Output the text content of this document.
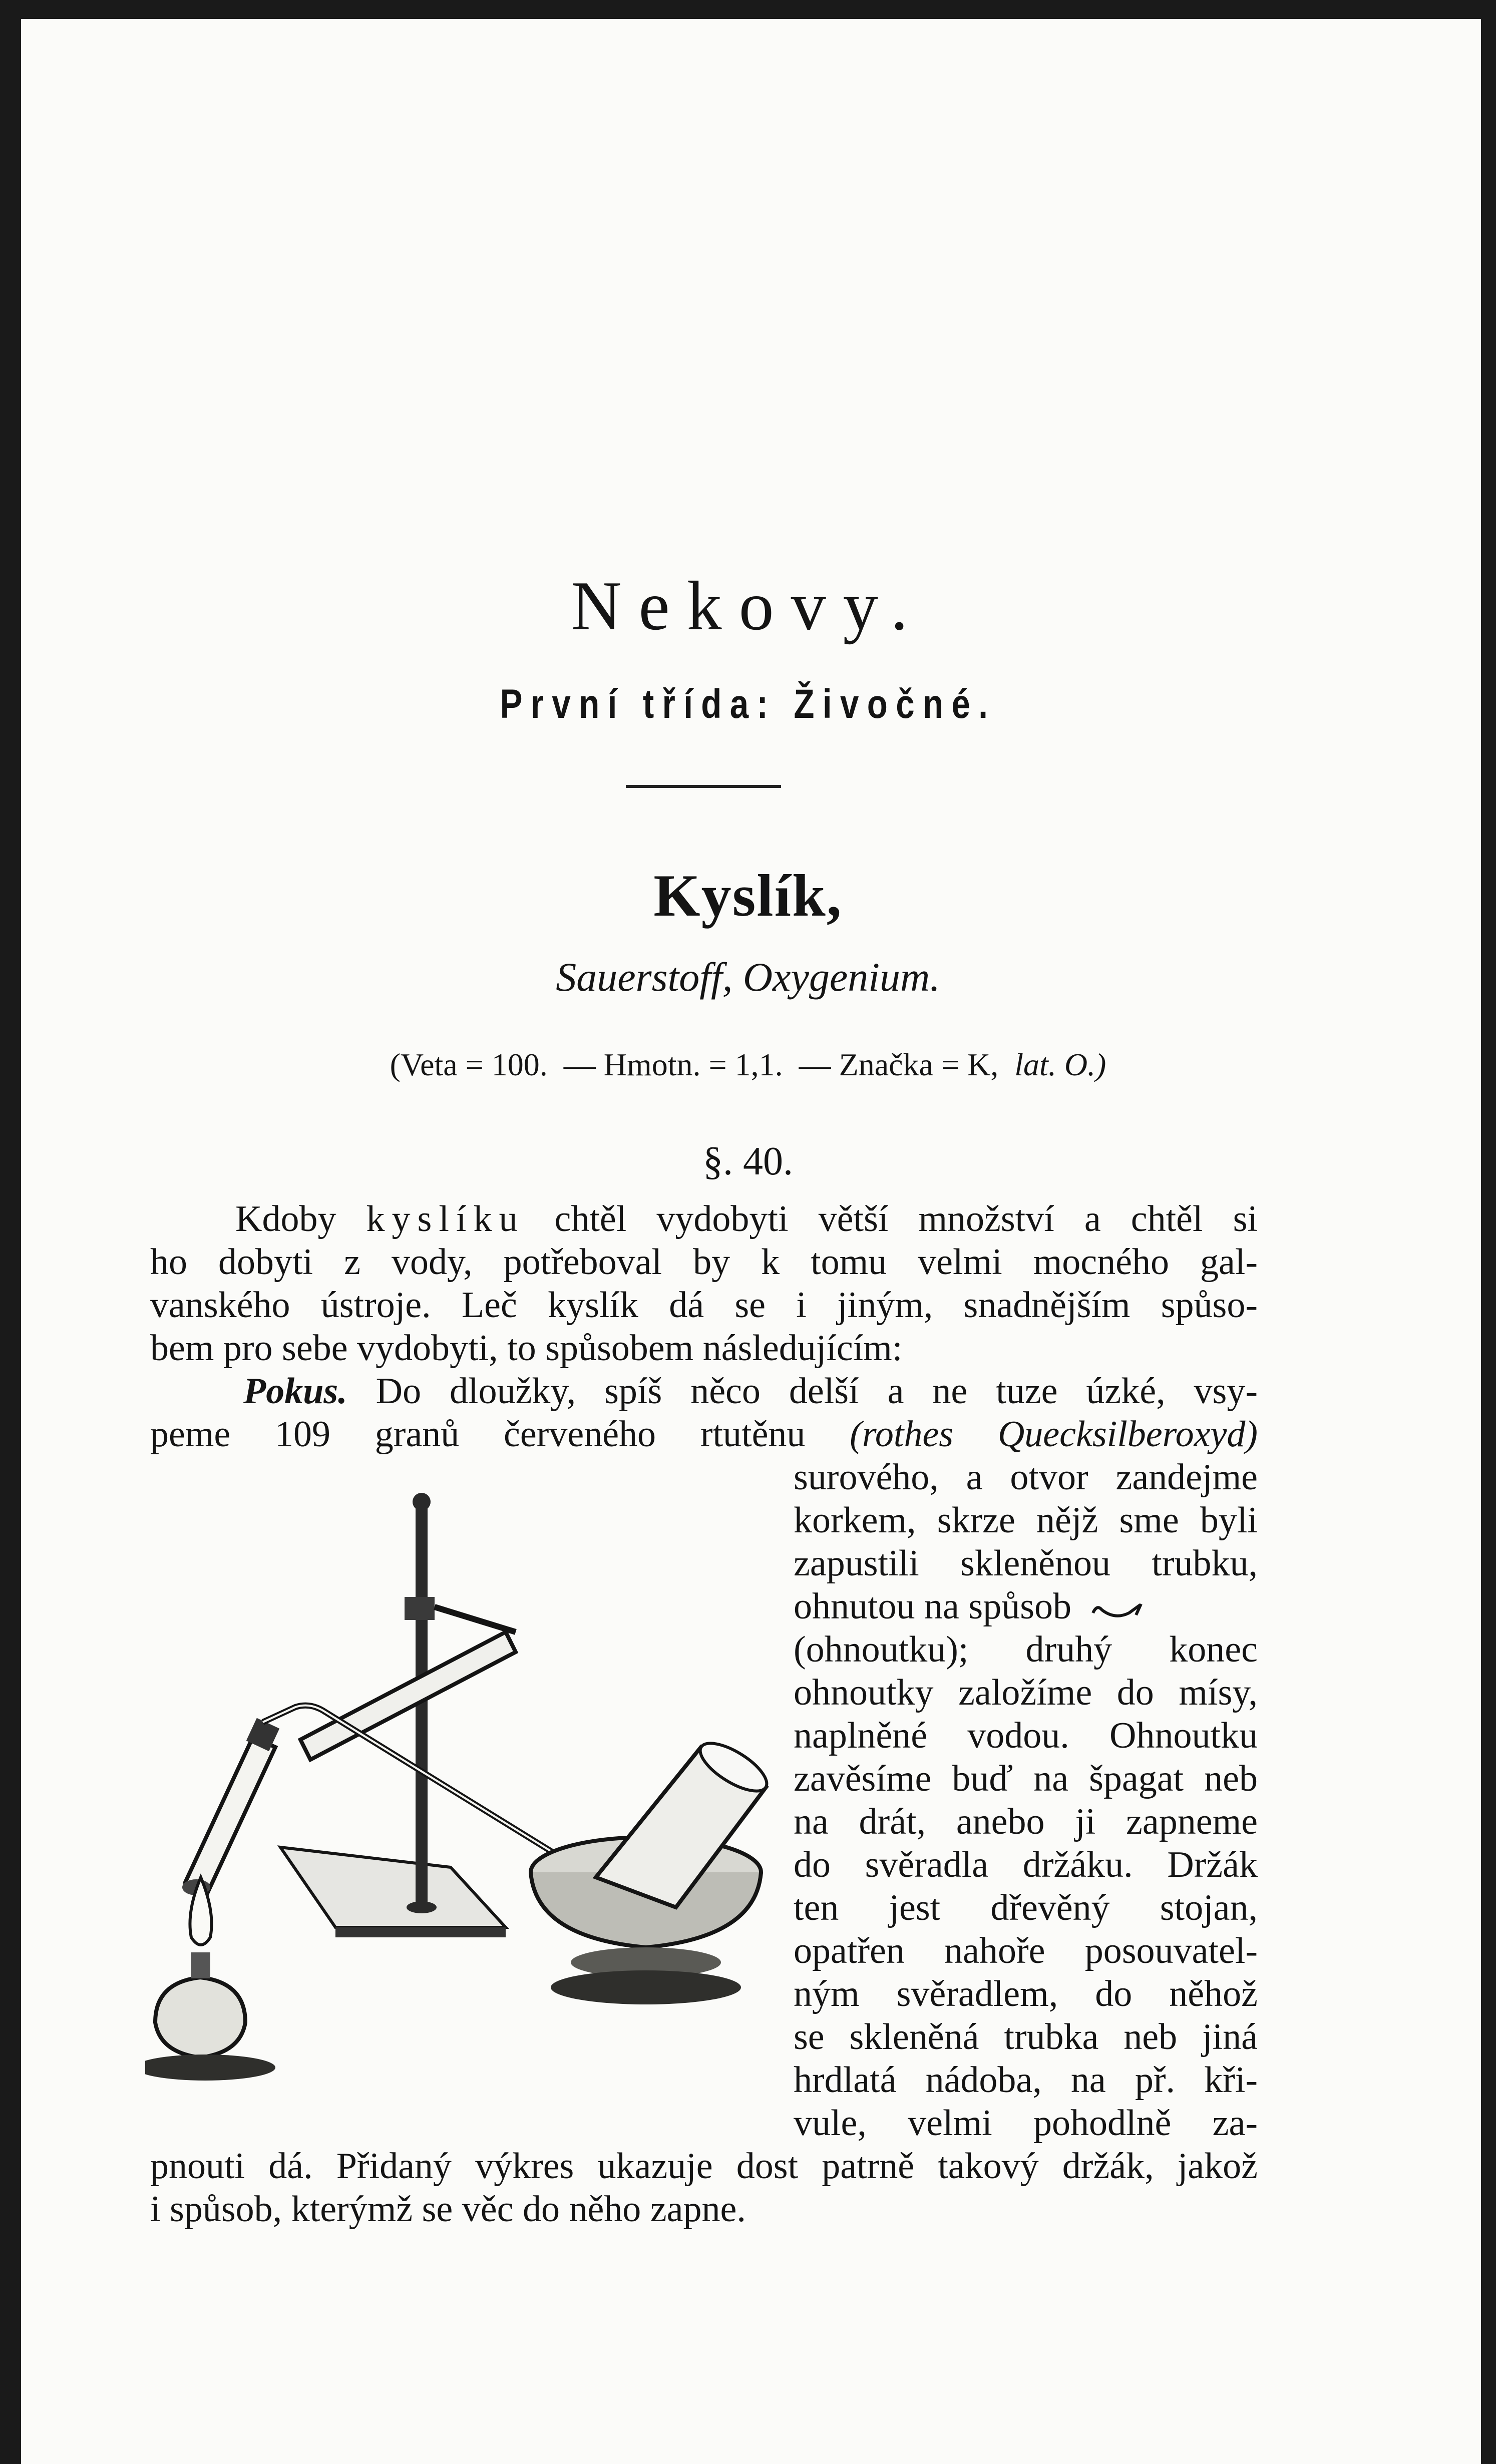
Nekovy.
První třída: Živočné.
Kyslík,
Sauerstoff, Oxygenium.
(Veta = 100. — Hmotn. = 1,1. — Značka = K, lat. O.)
§. 40.
Kdoby kyslíku chtěl vydobyti větší množství a chtěl si
ho dobyti z vody, potřeboval by k tomu velmi mocného gal-
vanského ústroje. Leč kyslík dá se i jiným, snadnějším spůso-
bem pro sebe vydobyti, to spůsobem následujícím:
Pokus. Do dloužky, spíš něco delší a ne tuze úzké, vsy-
peme 109 granů červeného rtutěnu (rothes Quecksilberoxyd)
surového, a otvor zandejme
korkem, skrze nějž sme byli
zapustili skleněnou trubku,
ohnutou na spůsob
(ohnoutku); druhý konec
ohnoutky založíme do mísy,
naplněné vodou. Ohnoutku
zavěsíme buď na špagat neb
na drát, anebo ji zapneme
do svěradla držáku. Držák
ten jest dřevěný stojan,
opatřen nahoře posouvatel-
ným svěradlem, do něhož
se skleněná trubka neb jiná
hrdlatá nádoba, na př. kři-
vule, velmi pohodlně za-
pnouti dá. Přidaný výkres ukazuje dost patrně takový držák, jakož
i spůsob, kterýmž se věc do něho zapne.
